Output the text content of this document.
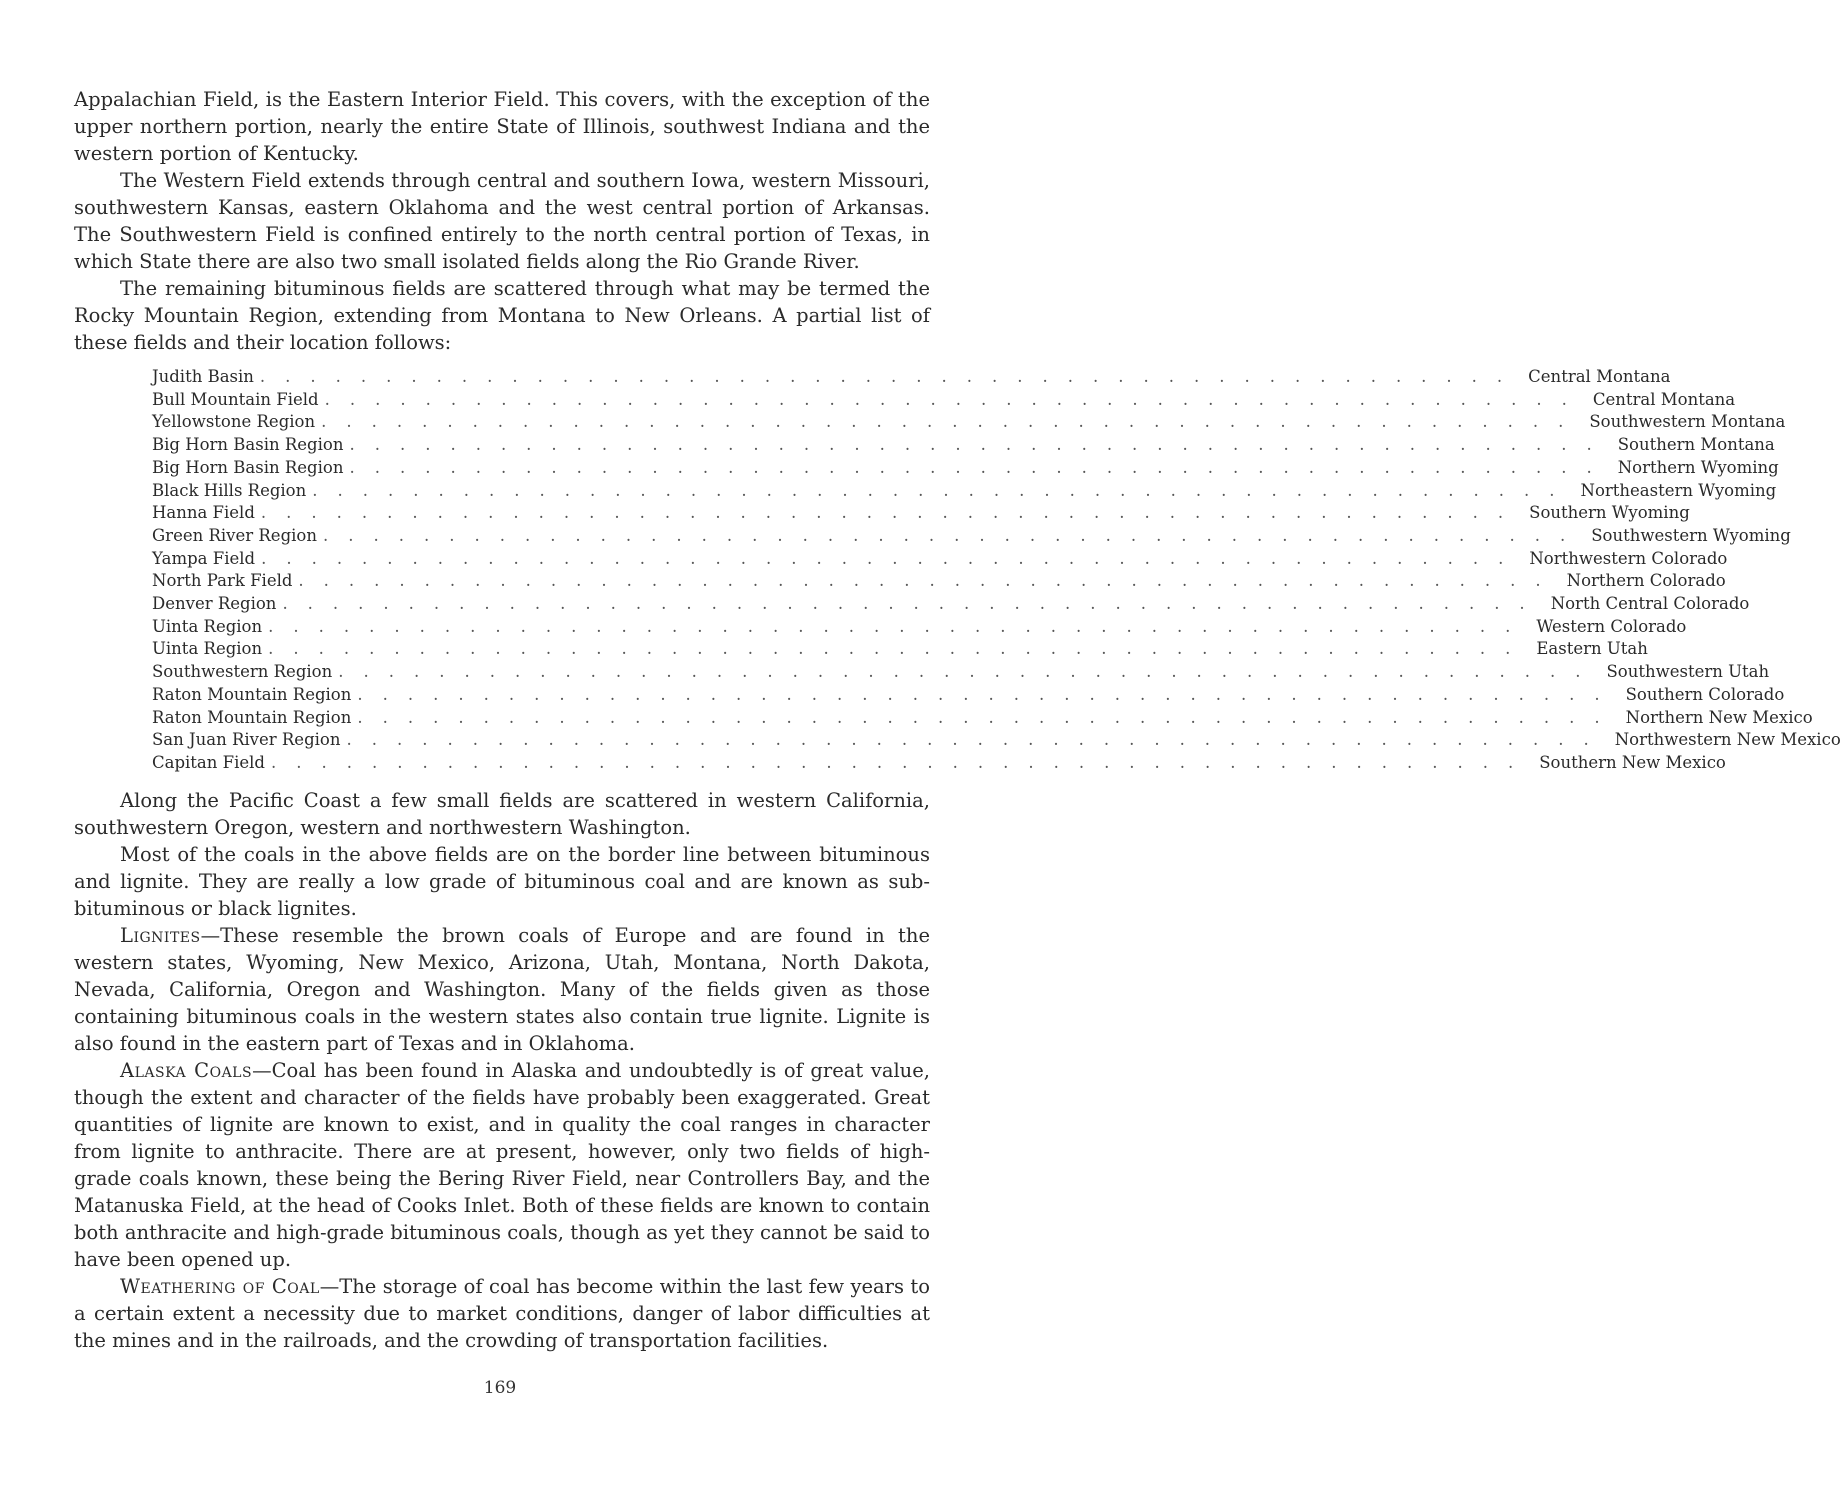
Appalachian Field, is the Eastern Interior Field. This covers, with the exception of the upper northern portion, nearly the entire State of Illinois, southwest Indiana and the western portion of Kentucky.

The Western Field extends through central and southern Iowa, western Missouri, southwestern Kansas, eastern Oklahoma and the west central portion of Arkansas. The Southwestern Field is confined entirely to the north central portion of Texas, in which State there are also two small isolated fields along the Rio Grande River.

The remaining bituminous fields are scattered through what may be termed the Rocky Mountain Region, extending from Montana to New Orleans. A partial list of these fields and their location follows:

Judith Basin .................................................. Central Montana
Bull Mountain Field .................................................. Central Montana
Yellowstone Region .................................................. Southwestern Montana
Big Horn Basin Region .................................................. Southern Montana
Big Horn Basin Region .................................................. Northern Wyoming
Black Hills Region .................................................. Northeastern Wyoming
Hanna Field .................................................. Southern Wyoming
Green River Region .................................................. Southwestern Wyoming
Yampa Field .................................................. Northwestern Colorado
North Park Field .................................................. Northern Colorado
Denver Region .................................................. North Central Colorado
Uinta Region .................................................. Western Colorado
Uinta Region .................................................. Eastern Utah
Southwestern Region .................................................. Southwestern Utah
Raton Mountain Region .................................................. Southern Colorado
Raton Mountain Region .................................................. Northern New Mexico
San Juan River Region .................................................. Northwestern New Mexico
Capitan Field .................................................. Southern New Mexico

Along the Pacific Coast a few small fields are scattered in western California, southwestern Oregon, western and northwestern Washington.

Most of the coals in the above fields are on the border line between bituminous and lignite. They are really a low grade of bituminous coal and are known as sub-bituminous or black lignites.

Lignites—These resemble the brown coals of Europe and are found in the western states, Wyoming, New Mexico, Arizona, Utah, Montana, North Dakota, Nevada, California, Oregon and Washington. Many of the fields given as those containing bituminous coals in the western states also contain true lignite. Lignite is also found in the eastern part of Texas and in Oklahoma.

Alaska Coals—Coal has been found in Alaska and undoubtedly is of great value, though the extent and character of the fields have probably been exaggerated. Great quantities of lignite are known to exist, and in quality the coal ranges in character from lignite to anthracite. There are at present, however, only two fields of high-grade coals known, these being the Bering River Field, near Controllers Bay, and the Matanuska Field, at the head of Cooks Inlet. Both of these fields are known to contain both anthracite and high-grade bituminous coals, though as yet they cannot be said to have been opened up.

Weathering of Coal—The storage of coal has become within the last few years to a certain extent a necessity due to market conditions, danger of labor difficulties at the mines and in the railroads, and the crowding of transportation facilities.

169
